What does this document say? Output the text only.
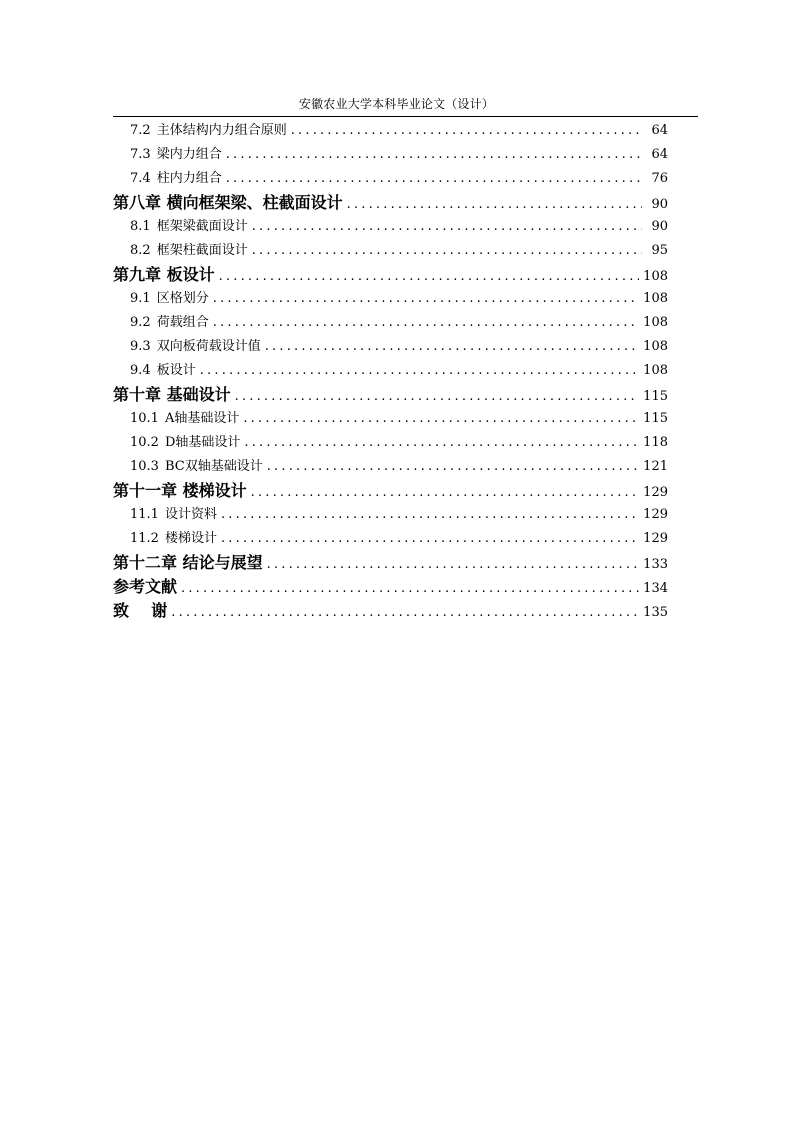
安徽农业大学本科毕业论文（设计）
7.2 主体结构内力组合原则 .....	64
7.3 梁内力组合 .....	64
7.4 柱内力组合 .....	76
第八章 横向框架梁、柱截面设计 .....	90
8.1 框架梁截面设计 .....	90
8.2 框架柱截面设计 .....	95
第九章 板设计 .....	108
9.1 区格划分 .....	108
9.2 荷载组合 .....	108
9.3 双向板荷载设计值 .....	108
9.4 板设计 .....	108
第十章 基础设计 .....	115
10.1 A轴基础设计 .....	115
10.2 D轴基础设计 .....	118
10.3 BC双轴基础设计 .....	121
第十一章 楼梯设计 .....	129
11.1 设计资料 .....	129
11.2 楼梯设计 .....	129
第十二章 结论与展望 .....	133
参考文献 .....	134
致    谢 .....	135
